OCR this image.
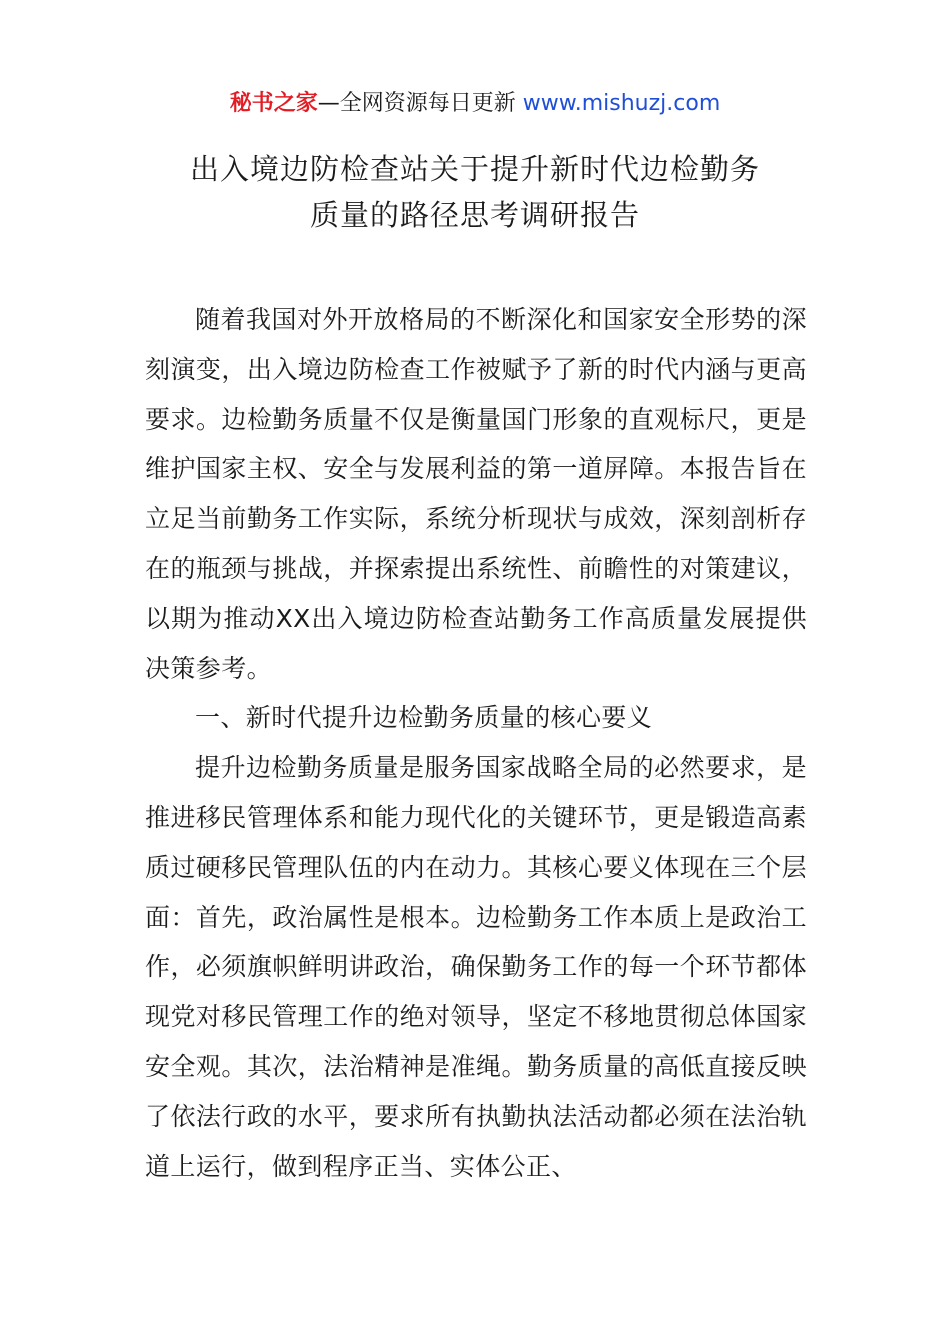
秘书之家—全网资源每日更新 www.mishuzj.com
出入境边防检查站关于提升新时代边检勤务
质量的路径思考调研报告

随着我国对外开放格局的不断深化和国家安全形势的深刻演变，出入境边防检查工作被赋予了新的时代内涵与更高要求。边检勤务质量不仅是衡量国门形象的直观标尺，更是维护国家主权、安全与发展利益的第一道屏障。本报告旨在立足当前勤务工作实际，系统分析现状与成效，深刻剖析存在的瓶颈与挑战，并探索提出系统性、前瞻性的对策建议，以期为推动XX出入境边防检查站勤务工作高质量发展提供决策参考。

一、新时代提升边检勤务质量的核心要义

提升边检勤务质量是服务国家战略全局的必然要求，是推进移民管理体系和能力现代化的关键环节，更是锻造高素质过硬移民管理队伍的内在动力。其核心要义体现在三个层面：首先，政治属性是根本。边检勤务工作本质上是政治工作，必须旗帜鲜明讲政治，确保勤务工作的每一个环节都体现党对移民管理工作的绝对领导，坚定不移地贯彻总体国家安全观。其次，法治精神是准绳。勤务质量的高低直接反映了依法行政的水平，要求所有执勤执法活动都必须在法治轨道上运行，做到程序正当、实体公正、
